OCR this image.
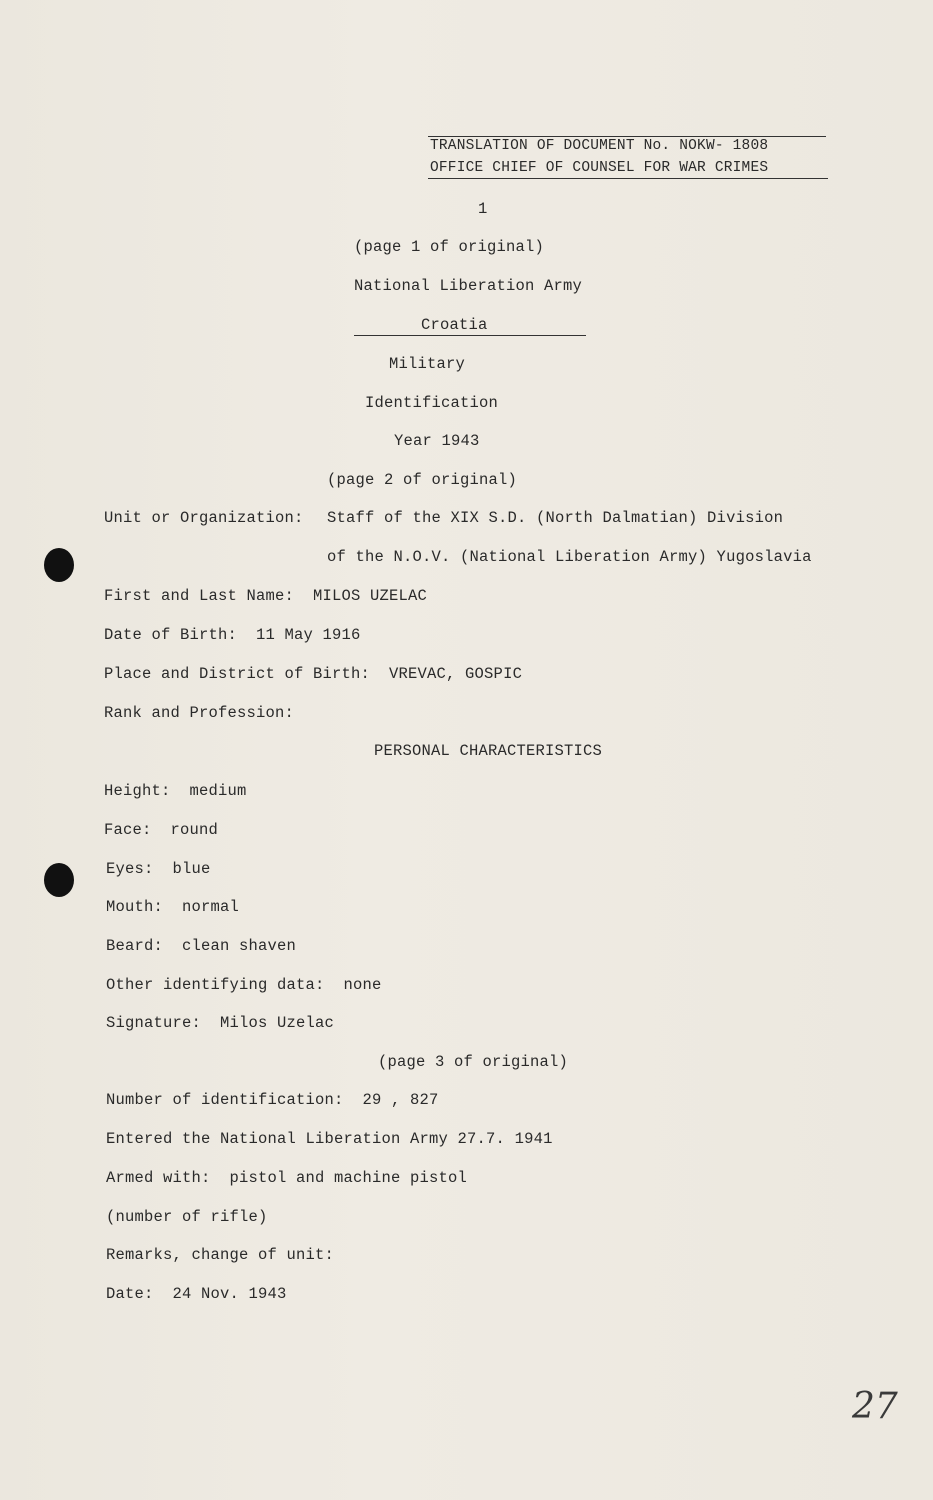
TRANSLATION OF DOCUMENT No. NOKW- 1808
OFFICE CHIEF OF COUNSEL FOR WAR CRIMES
1
(page 1 of original)
National Liberation Army
Croatia
Military
Identification
Year 1943
(page 2 of original)
Unit or Organization: Staff of the XIX S.D. (North Dalmatian) Division
of the N.O.V. (National Liberation Army) Yugoslavia
First and Last Name:  MILOS UZELAC
Date of Birth:  11 May 1916
Place and District of Birth:  VREVAC, GOSPIC
Rank and Profession:
PERSONAL CHARACTERISTICS
Height:  medium
Face:  round
Eyes:  blue
Mouth:  normal
Beard:  clean shaven
Other identifying data:  none
Signature:  Milos Uzelac
(page 3 of original)
Number of identification:  29 , 827
Entered the National Liberation Army 27.7. 1941
Armed with:  pistol and machine pistol
(number of rifle)
Remarks, change of unit:
Date:  24 Nov. 1943
27
